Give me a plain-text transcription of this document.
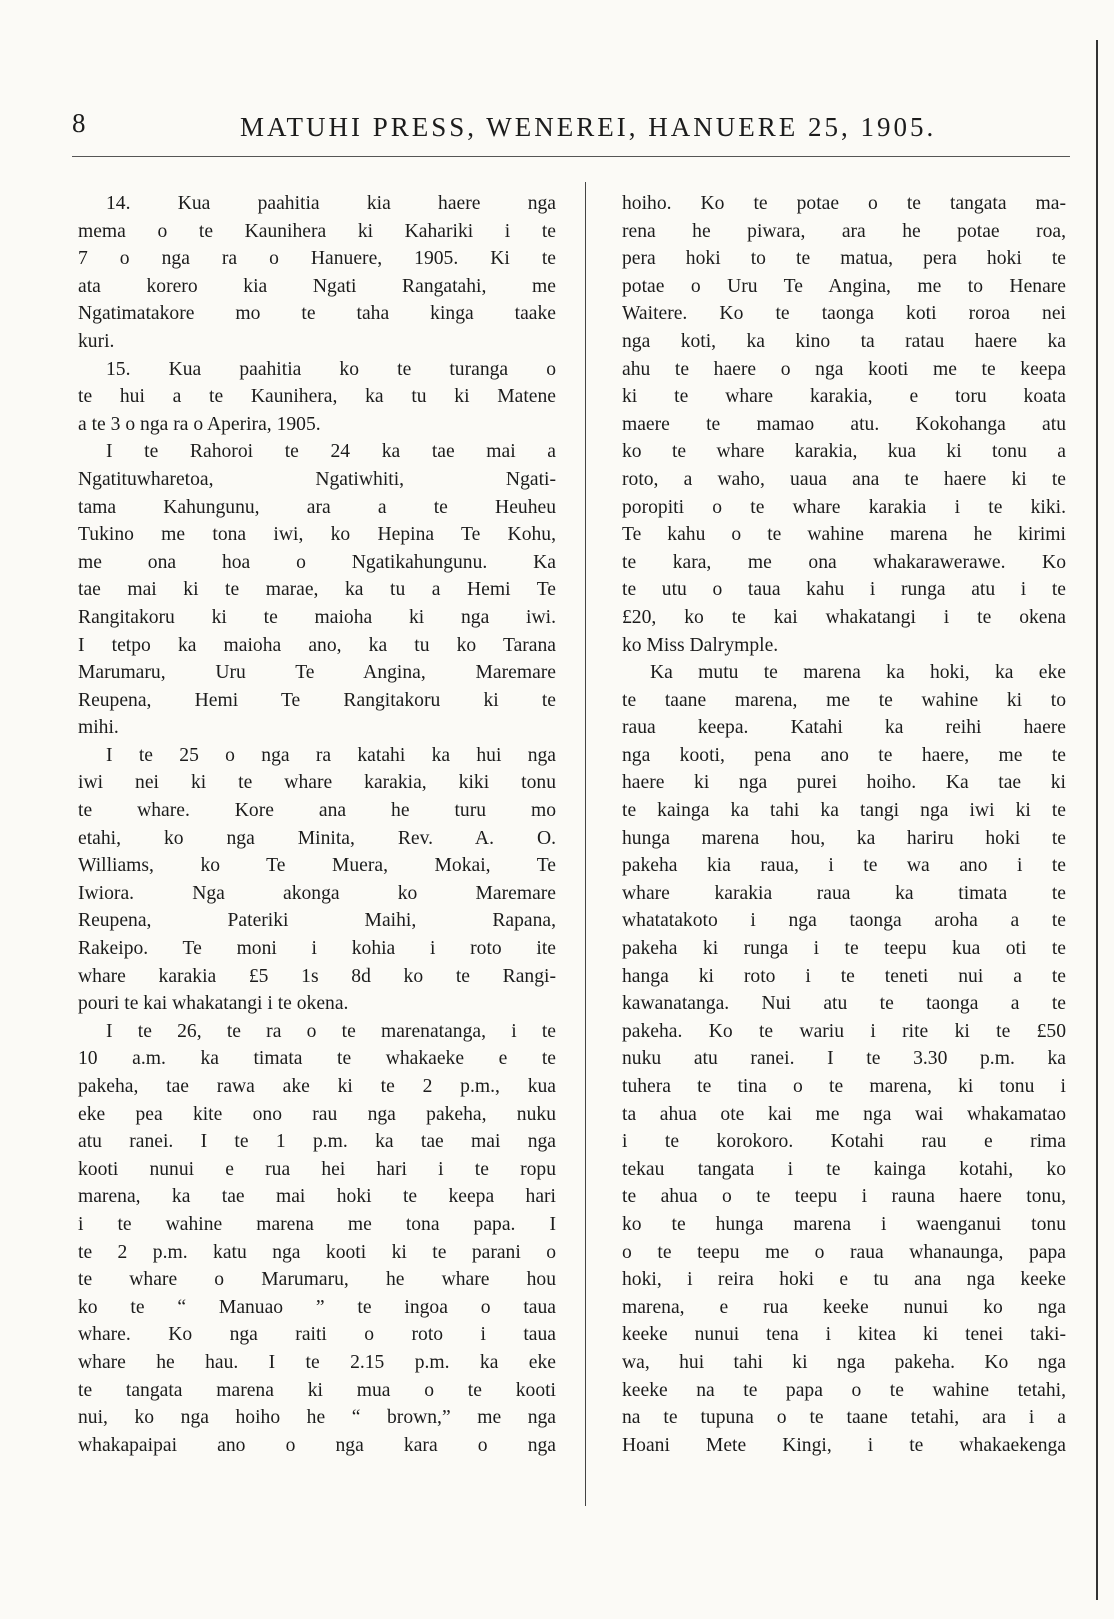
8	MATUHI PRESS, WENEREI, HANUERE 25, 1905.
14. Kua paahitia kia haere nga
mema o te Kaunihera ki Kahariki i te
7 o nga ra o Hanuere, 1905. Ki te
ata korero kia Ngati Rangatahi, me
Ngatimatakore mo te taha kinga taake
kuri.
15. Kua paahitia ko te turanga o
te hui a te Kaunihera, ka tu ki Matene
a te 3 o nga ra o Aperira, 1905.
I te Rahoroi te 24 ka tae mai a
Ngatituwharetoa, Ngatiwhiti, Ngati-
tama Kahungunu, ara a te Heuheu
Tukino me tona iwi, ko Hepina Te Kohu,
me ona hoa o Ngatikahungunu. Ka
tae mai ki te marae, ka tu a Hemi Te
Rangitakoru ki te maioha ki nga iwi.
I tetpo ka maioha ano, ka tu ko Tarana
Marumaru, Uru Te Angina, Maremare
Reupena, Hemi Te Rangitakoru ki te
mihi.
I te 25 o nga ra katahi ka hui nga
iwi nei ki te whare karakia, kiki tonu
te whare. Kore ana he turu mo
etahi, ko nga Minita, Rev. A. O.
Williams, ko Te Muera, Mokai, Te
Iwiora. Nga akonga ko Maremare
Reupena, Pateriki Maihi, Rapana,
Rakeipo. Te moni i kohia i roto ite
whare karakia £5 1s 8d ko te Rangi-
pouri te kai whakatangi i te okena.
I te 26, te ra o te marenatanga, i te
10 a.m. ka timata te whakaeke e te
pakeha, tae rawa ake ki te 2 p.m., kua
eke pea kite ono rau nga pakeha, nuku
atu ranei. I te 1 p.m. ka tae mai nga
kooti nunui e rua hei hari i te ropu
marena, ka tae mai hoki te keepa hari
i te wahine marena me tona papa. I
te 2 p.m. katu nga kooti ki te parani o
te whare o Marumaru, he whare hou
ko te “ Manuao ” te ingoa o taua
whare. Ko nga raiti o roto i taua
whare he hau. I te 2.15 p.m. ka eke
te tangata marena ki mua o te kooti
nui, ko nga hoiho he “ brown,” me nga
whakapaipai ano o nga kara o nga
hoiho. Ko te potae o te tangata ma-
rena he piwara, ara he potae roa,
pera hoki to te matua, pera hoki te
potae o Uru Te Angina, me to Henare
Waitere. Ko te taonga koti roroa nei
nga koti, ka kino ta ratau haere ka
ahu te haere o nga kooti me te keepa
ki te whare karakia, e toru koata
maere te mamao atu. Kokohanga atu
ko te whare karakia, kua ki tonu a
roto, a waho, uaua ana te haere ki te
poropiti o te whare karakia i te kiki.
Te kahu o te wahine marena he kirimi
te kara, me ona whakarawerawe. Ko
te utu o taua kahu i runga atu i te
£20, ko te kai whakatangi i te okena
ko Miss Dalrymple.
Ka mutu te marena ka hoki, ka eke
te taane marena, me te wahine ki to
raua keepa. Katahi ka reihi haere
nga kooti, pena ano te haere, me te
haere ki nga purei hoiho. Ka tae ki
te kainga ka tahi ka tangi nga iwi ki te
hunga marena hou, ka hariru hoki te
pakeha kia raua, i te wa ano i te
whare karakia raua ka timata te
whatatakoto i nga taonga aroha a te
pakeha ki runga i te teepu kua oti te
hanga ki roto i te teneti nui a te
kawanatanga. Nui atu te taonga a te
pakeha. Ko te wariu i rite ki te £50
nuku atu ranei. I te 3.30 p.m. ka
tuhera te tina o te marena, ki tonu i
ta ahua ote kai me nga wai whakamatao
i te korokoro. Kotahi rau e rima
tekau tangata i te kainga kotahi, ko
te ahua o te teepu i rauna haere tonu,
ko te hunga marena i waenganui tonu
o te teepu me o raua whanaunga, papa
hoki, i reira hoki e tu ana nga keeke
marena, e rua keeke nunui ko nga
keeke nunui tena i kitea ki tenei taki-
wa, hui tahi ki nga pakeha. Ko nga
keeke na te papa o te wahine tetahi,
na te tupuna o te taane tetahi, ara i a
Hoani Mete Kingi, i te whakaekenga
